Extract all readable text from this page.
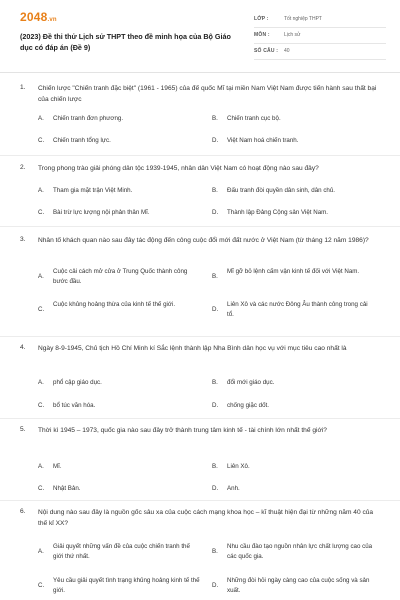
2048.vn
(2023) Đề thi thử Lịch sử THPT theo đề minh họa của Bộ Giáo dục có đáp án (Đề 9)
LỚP :	Tốt nghiệp THPT
MÔN :	Lịch sử
SỐ CÂU : 40
1. Chiến lược "Chiến tranh đặc biệt" (1961 - 1965) của đế quốc Mĩ tại miền Nam Việt Nam được tiến hành sau thất bại của chiến lược
A. Chiến tranh đơn phương.	B. Chiến tranh cục bộ.
C. Chiến tranh tổng lực.	D. Việt Nam hoá chiến tranh.
2. Trong phong trào giải phóng dân tộc 1939-1945, nhân dân Việt Nam có hoạt động nào sau đây?
A. Tham gia mặt trận Việt Minh.	B. Đấu tranh đòi quyền dân sinh, dân chủ.
C. Bài trừ lực lượng nội phản thân Mĩ.	D. Thành lập Đảng Cộng sản Việt Nam.
3. Nhân tố khách quan nào sau đây tác động đến công cuộc đổi mới đất nước ở Việt Nam (từ tháng 12 năm 1986)?
A.
Cuộc cải cách mở cửa ở Trung Quốc thành công bước đầu.
B.
Mĩ gỡ bỏ lệnh cấm vận kinh tế đối với Việt Nam.
C.
Cuộc khủng hoảng thừa của kinh tế thế giới.
D.
Liên Xô và các nước Đông Âu thành công trong cải tổ.
4. Ngày 8-9-1945, Chủ tịch Hồ Chí Minh kí Sắc lệnh thành lập Nha Bình dân học vụ với mục tiêu cao nhất là
A. phổ cập giáo dục.	B. đổi mới giáo dục.
C. bổ túc văn hóa.	D. chống giặc dốt.
5. Thời kì 1945 – 1973, quốc gia nào sau đây trở thành trung tâm kinh tế - tài chính lớn nhất thế giới?
A. Mĩ.	B. Liên Xô.
C. Nhật Bản.	D. Anh.
6. Nội dung nào sau đây là nguồn gốc sâu xa của cuộc cách mạng khoa học – kĩ thuật hiện đại từ những năm 40 của thế kỉ XX?
A.
Giải quyết những vấn đề của cuộc chiến tranh thế giới thứ nhất.
B.
Nhu cầu đào tạo nguồn nhân lực chất lượng cao của các quốc gia.
C.
Yêu cầu giải quyết tình trạng khủng hoảng kinh tế thế giới.
D.
Những đòi hỏi ngày càng cao của cuộc sống và sản xuất.
